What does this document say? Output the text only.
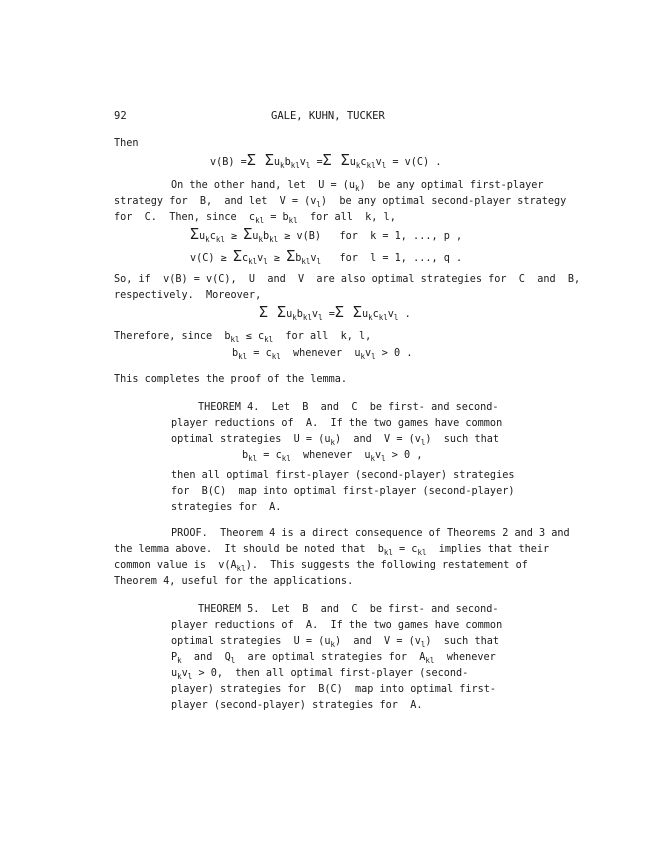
92	GALE, KUHN, TUCKER
Then
v(B) =Σ $\Sigma u_kb_{kl}v_l =\Sigma$ $\Sigma u_kc_{kl}v_l = v(C)$ .
On the other hand, let  $U = (u_k)$  be any optimal first-player
strategy for  B,  and let  $V = (v_l)$  be any optimal second-player strategy
for  C.  Then, since  $c_{kl} = b_{kl}$  for all  k, l,
$\Sigma u_kc_{kl} \ge \Sigma u_kb_{kl} \ge v(B)$   for  k = 1, ..., p ,
$v(C) \ge \Sigma c_{kl}v_l \ge \Sigma b_{kl}v_l$   for  l = 1, ..., q .
So, if  v(B) = v(C),  U  and  V  are also optimal strategies for  C  and  B,
respectively.  Moreover,
Σ $\Sigma u_kb_{kl}v_l =\Sigma$ $\Sigma u_kc_{kl}v_l$ .
Therefore, since  $b_{kl} \le c_{kl}$  for all  k, l,
$b_{kl} = c_{kl}$  whenever  $u_kv_l > 0$ .
This completes the proof of the lemma.
THEOREM 4.  Let  B  and  C  be first- and second-
player reductions of  A.  If the two games have common
optimal strategies  $U = (u_k)$  and  $V = (v_l)$  such that
$b_{kl} = c_{kl}$  whenever  $u_kv_l > 0$ ,
then all optimal first-player (second-player) strategies
for  B(C)  map into optimal first-player (second-player)
strategies for  A.
PROOF.  Theorem 4 is a direct consequence of Theorems 2 and 3 and
the lemma above.  It should be noted that  $b_{kl} = c_{kl}$  implies that their
common value is  $v(A_{kl})$.  This suggests the following restatement of
Theorem 4, useful for the applications.
THEOREM 5.  Let  B  and  C  be first- and second-
player reductions of  A.  If the two games have common
optimal strategies  $U = (u_k)$  and  $V = (v_l)$  such that
$P_k$  and  $Q_l$  are optimal strategies for  $A_{kl}$  whenever
$u_kv_l > 0$,  then all optimal first-player (second-
player) strategies for  B(C)  map into optimal first-
player (second-player) strategies for  A.
